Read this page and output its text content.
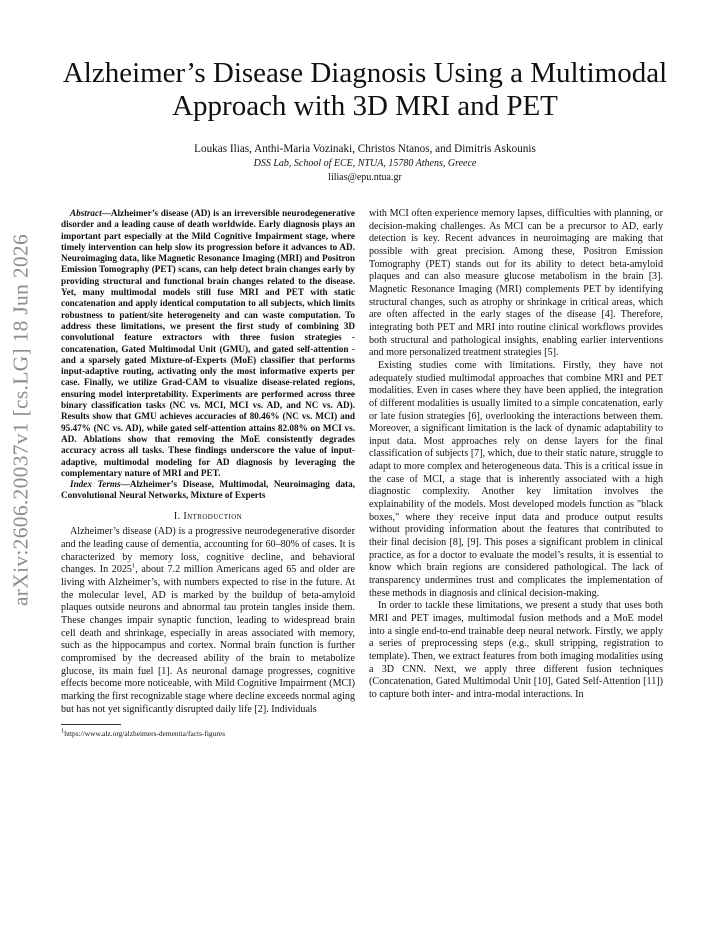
arXiv:2606.20037v1 [cs.LG] 18 Jun 2026
Alzheimer’s Disease Diagnosis Using a Multimodal Approach with 3D MRI and PET
Loukas Ilias, Anthi-Maria Vozinaki, Christos Ntanos, and Dimitris Askounis
DSS Lab, School of ECE, NTUA, 15780 Athens, Greece
lilias@epu.ntua.gr

Abstract—Alzheimer’s disease (AD) is an irreversible neurodegenerative disorder and a leading cause of death worldwide. Early diagnosis plays an important part especially at the Mild Cognitive Impairment stage, where timely intervention can help slow its progression before it advances to AD. Neuroimaging data, like Magnetic Resonance Imaging (MRI) and Positron Emission Tomography (PET) scans, can help detect brain changes early by providing structural and functional brain changes related to the disease. Yet, many multimodal models still fuse MRI and PET with static concatenation and apply identical computation to all subjects, which limits robustness to patient/site heterogeneity and can waste computation. To address these limitations, we present the first study of combining 3D convolutional feature extractors with three fusion strategies - concatenation, Gated Multimodal Unit (GMU), and gated self-attention - and a sparsely gated Mixture-of-Experts (MoE) classifier that performs input-adaptive routing, activating only the most informative experts per case. Finally, we utilize Grad-CAM to visualize disease-related regions, ensuring model interpretability. Experiments are performed across three binary classification tasks (NC vs. MCI, MCI vs. AD, and NC vs. AD). Results show that GMU achieves accuracies of 80.46% (NC vs. MCI) and 95.47% (NC vs. AD), while gated self-attention attains 82.08% on MCI vs. AD. Ablations show that removing the MoE consistently degrades accuracy across all tasks. These findings underscore the value of input-adaptive, multimodal modeling for AD diagnosis by leveraging the complementary nature of MRI and PET.

Index Terms—Alzheimer’s Disease, Multimodal, Neuroimaging data, Convolutional Neural Networks, Mixture of Experts

I. Introduction

Alzheimer’s disease (AD) is a progressive neurodegenerative disorder and the leading cause of dementia, accounting for 60–80% of cases. It is characterized by memory loss, cognitive decline, and behavioral changes. In 2025$^1$, about 7.2 million Americans aged 65 and older are living with Alzheimer’s, with numbers expected to rise in the future. At the molecular level, AD is marked by the buildup of beta-amyloid plaques outside neurons and abnormal tau protein tangles inside them. These changes impair synaptic function, leading to widespread brain cell death and shrinkage, especially in areas associated with memory, such as the hippocampus and cortex. Normal brain function is further compromised by the decreased ability of the brain to metabolize glucose, its main fuel [1]. As neuronal damage progresses, cognitive effects become more noticeable, with Mild Cognitive Impairment (MCI) marking the first recognizable stage where decline exceeds normal aging but has not yet significantly disrupted daily life [2]. Individuals

$^1$https://www.alz.org/alzheimers-dementia/facts-figures

with MCI often experience memory lapses, difficulties with planning, or decision-making challenges. As MCI can be a precursor to AD, early detection is key. Recent advances in neuroimaging are making that possible with great precision. Among these, Positron Emission Tomography (PET) stands out for its ability to detect beta-amyloid plaques and can also measure glucose metabolism in the brain [3]. Magnetic Resonance Imaging (MRI) complements PET by identifying structural changes, such as atrophy or shrinkage in critical areas, which are often affected in the early stages of the disease [4]. Therefore, integrating both PET and MRI into routine clinical workflows provides both structural and pathological insights, enabling earlier interventions and more personalized treatment strategies [5].

Existing studies come with limitations. Firstly, they have not adequately studied multimodal approaches that combine MRI and PET modalities. Even in cases where they have been applied, the integration of different modalities is usually limited to a simple concatenation, early or late fusion strategies [6], overlooking the interactions between them. Moreover, a significant limitation is the lack of dynamic adaptability to input data. Most approaches rely on dense layers for the final classification of subjects [7], which, due to their static nature, struggle to adapt to more complex and heterogeneous data. This is a critical issue in the case of MCI, a stage that is inherently associated with a high diagnostic complexity. Another key limitation involves the explainability of the models. Most developed models function as "black boxes," where they receive input data and produce output results without providing information about the features that contributed to their final decision [8], [9]. This poses a significant problem in clinical practice, as for a doctor to evaluate the model’s results, it is essential to know which brain regions are considered pathological. The lack of transparency undermines trust and complicates the implementation of these methods in diagnosis and clinical decision-making.

In order to tackle these limitations, we present a study that uses both MRI and PET images, multimodal fusion methods and a MoE model into a single end-to-end trainable deep neural network. Firstly, we apply a series of preprocessing steps (e.g., skull stripping, registration to template). Then, we extract features from both imaging modalities using a 3D CNN. Next, we apply three different fusion techniques (Concatenation, Gated Multimodal Unit [10], Gated Self-Attention [11]) to capture both inter- and intra-modal interactions. In
